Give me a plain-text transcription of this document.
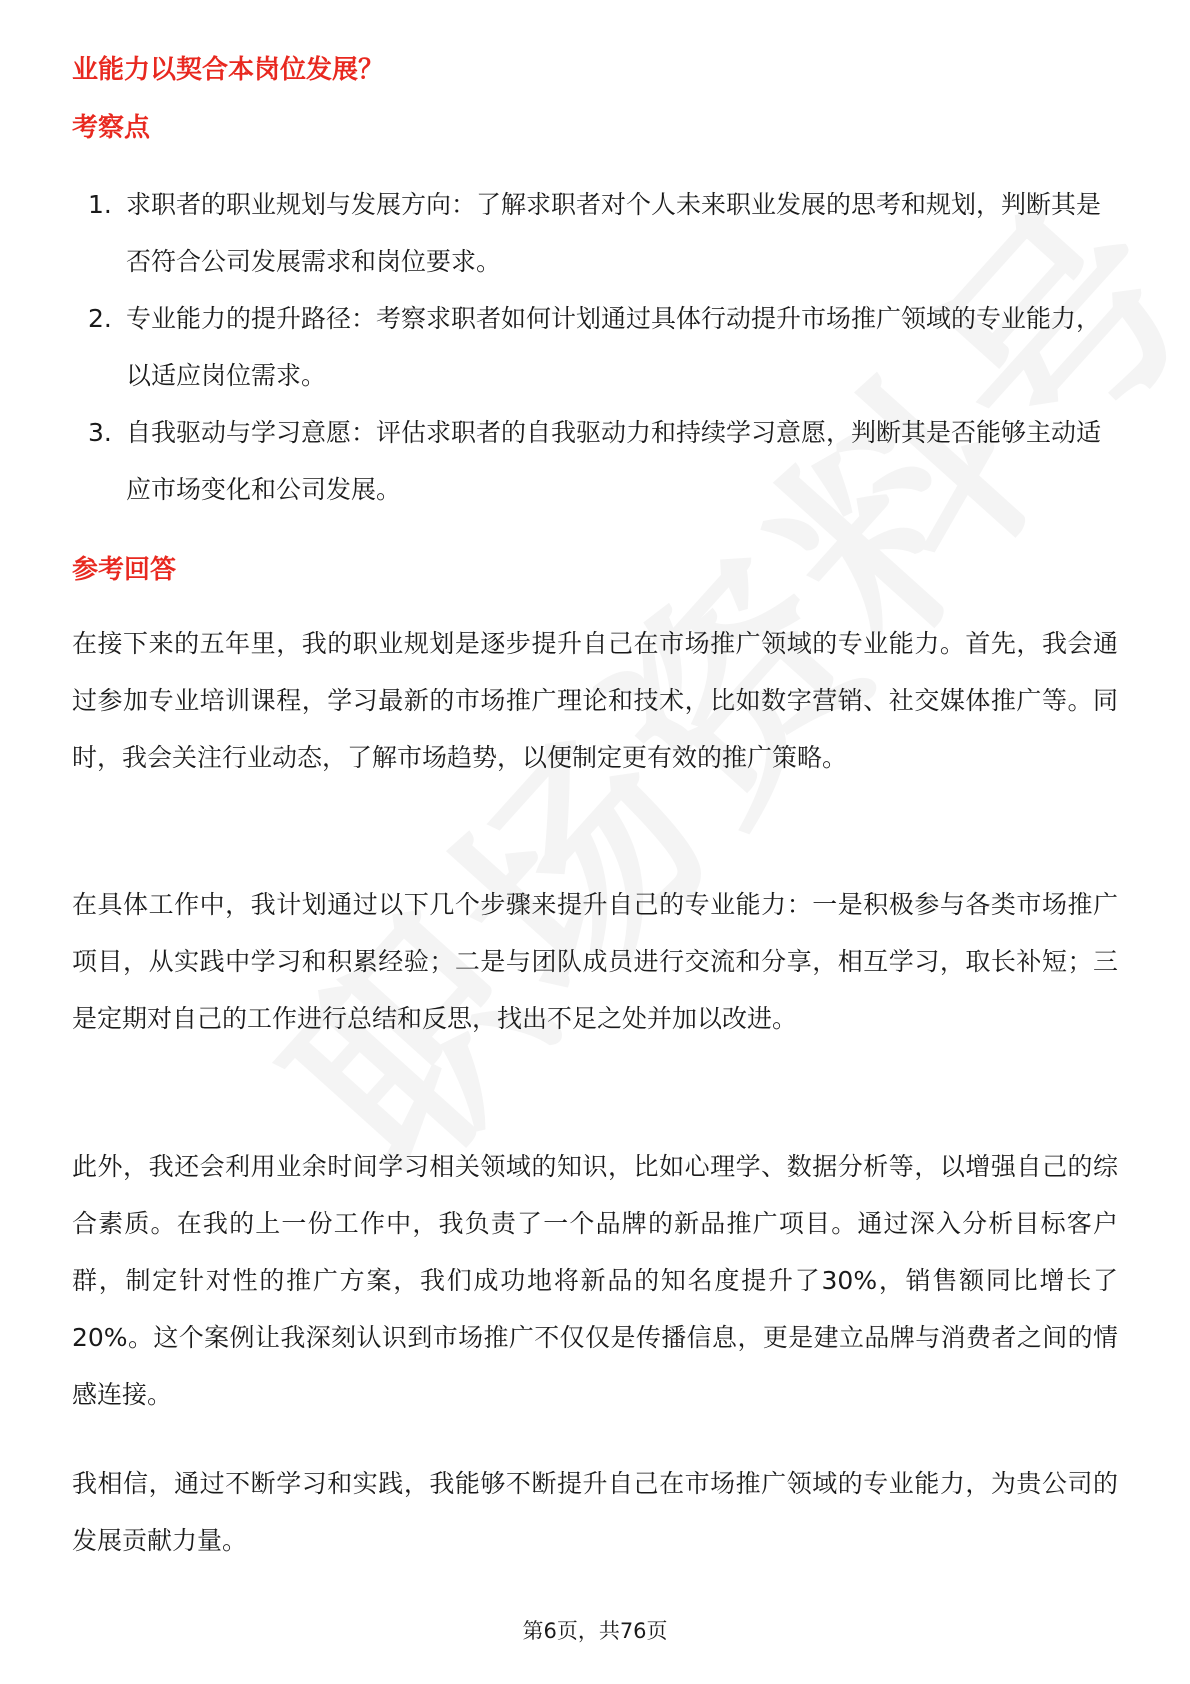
业能力以契合本岗位发展？
考察点
1. 求职者的职业规划与发展方向：了解求职者对个人未来职业发展的思考和规划，判断其是否符合公司发展需求和岗位要求。
2. 专业能力的提升路径：考察求职者如何计划通过具体行动提升市场推广领域的专业能力，以适应岗位需求。
3. 自我驱动与学习意愿：评估求职者的自我驱动力和持续学习意愿，判断其是否能够主动适应市场变化和公司发展。
参考回答

在接下来的五年里，我的职业规划是逐步提升自己在市场推广领域的专业能力。首先，我会通过参加专业培训课程，学习最新的市场推广理论和技术，比如数字营销、社交媒体推广等。同时，我会关注行业动态，了解市场趋势，以便制定更有效的推广策略。

在具体工作中，我计划通过以下几个步骤来提升自己的专业能力：一是积极参与各类市场推广项目，从实践中学习和积累经验；二是与团队成员进行交流和分享，相互学习，取长补短；三是定期对自己的工作进行总结和反思，找出不足之处并加以改进。

此外，我还会利用业余时间学习相关领域的知识，比如心理学、数据分析等，以增强自己的综合素质。在我的上一份工作中，我负责了一个品牌的新品推广项目。通过深入分析目标客户群，制定针对性的推广方案，我们成功地将新品的知名度提升了30%，销售额同比增长了20%。这个案例让我深刻认识到市场推广不仅仅是传播信息，更是建立品牌与消费者之间的情感连接。

我相信，通过不断学习和实践，我能够不断提升自己在市场推广领域的专业能力，为贵公司的发展贡献力量。

第6页，共76页
